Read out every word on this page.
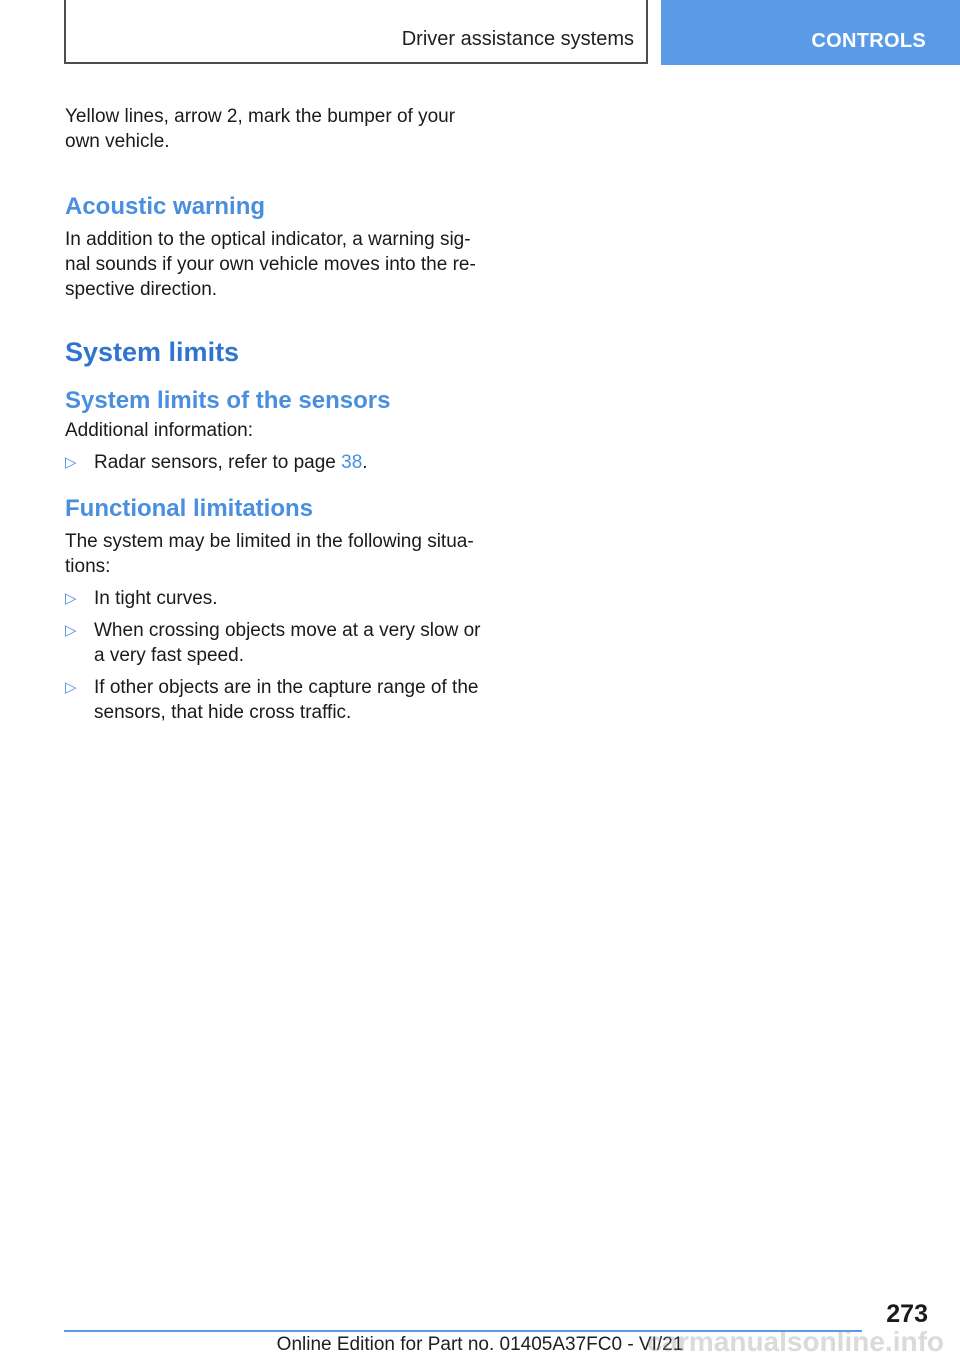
Driver assistance systems	CONTROLS

Yellow lines, arrow 2, mark the bumper of your own vehicle.

Acoustic warning

In addition to the optical indicator, a warning sig‐ nal sounds if your own vehicle moves into the re‐ spective direction.

System limits
System limits of the sensors

Additional information:

▷ Radar sensors, refer to page 38.
Functional limitations

The system may be limited in the following situa‐ tions:

▷ In tight curves.
▷ When crossing objects move at a very slow or a very fast speed.
▷ If other objects are in the capture range of the sensors, that hide cross traffic.
273
Online Edition for Part no. 01405A37FC0 - VI/21
carmanualsonline.info
